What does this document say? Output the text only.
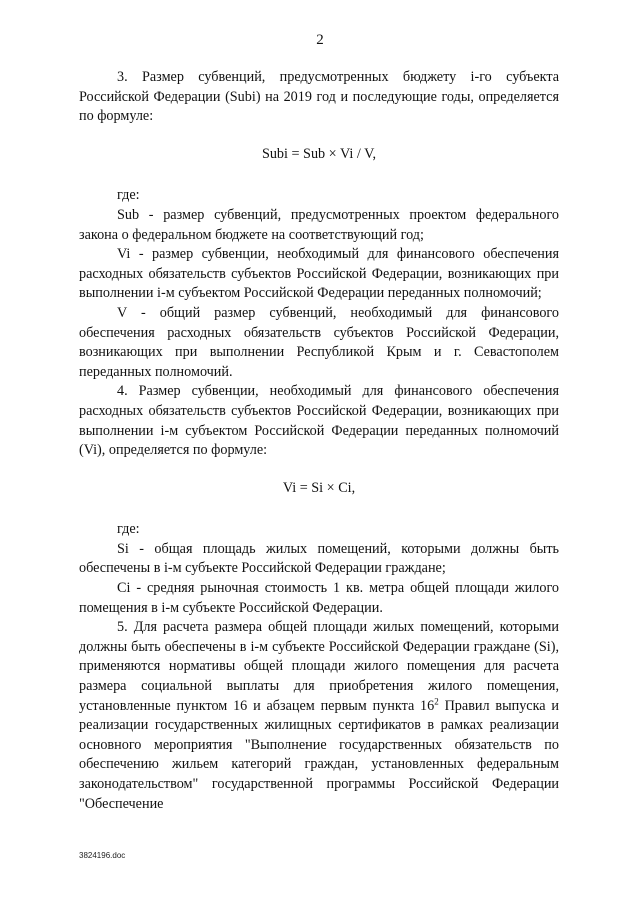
2

3. Размер субвенций, предусмотренных бюджету i-го субъекта Российской Федерации (Subi) на 2019 год и последующие годы, определяется по формуле:

Subi = Sub × Vi / V,

где:

Sub - размер субвенций, предусмотренных проектом федерального закона о федеральном бюджете на соответствующий год;

Vi - размер субвенции, необходимый для финансового обеспечения расходных обязательств субъектов Российской Федерации, возникающих при выполнении i-м субъектом Российской Федерации переданных полномочий;

V - общий размер субвенций, необходимый для финансового обеспечения расходных обязательств субъектов Российской Федерации, возникающих при выполнении Республикой Крым и г. Севастополем переданных полномочий.

4. Размер субвенции, необходимый для финансового обеспечения расходных обязательств субъектов Российской Федерации, возникающих при выполнении i-м субъектом Российской Федерации переданных полномочий (Vi), определяется по формуле:

Vi = Si × Ci,

где:

Si - общая площадь жилых помещений, которыми должны быть обеспечены в i-м субъекте Российской Федерации граждане;

Ci - средняя рыночная стоимость 1 кв. метра общей площади жилого помещения в i-м субъекте Российской Федерации.

5. Для расчета размера общей площади жилых помещений, которыми должны быть обеспечены в i-м субъекте Российской Федерации граждане (Si), применяются нормативы общей площади жилого помещения для расчета размера социальной выплаты для приобретения жилого помещения, установленные пунктом 16 и абзацем первым пункта $16^2$ Правил выпуска и реализации государственных жилищных сертификатов в рамках реализации основного мероприятия "Выполнение государственных обязательств по обеспечению жильем категорий граждан, установленных федеральным законодательством" государственной программы Российской Федерации "Обеспечение

3824196.doc
